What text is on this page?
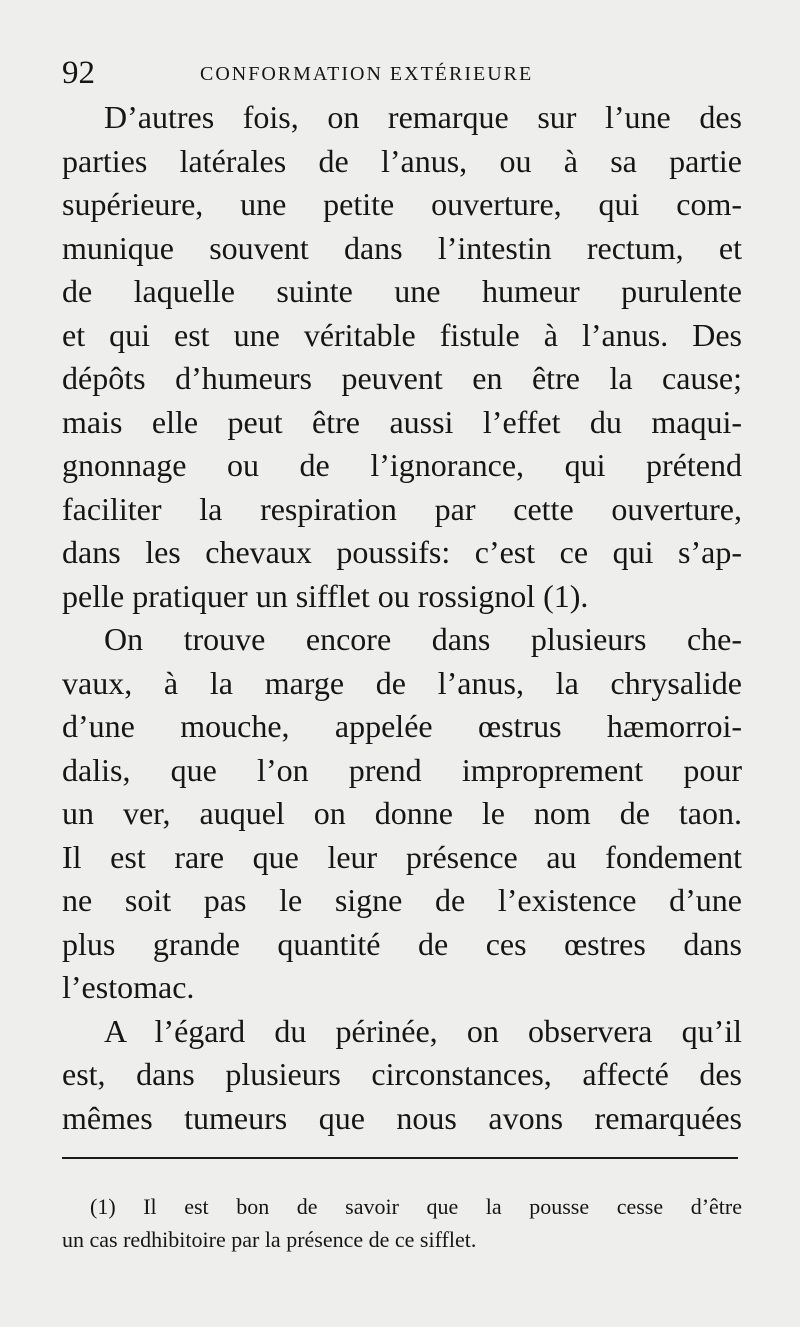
92	CONFORMATION EXTÉRIEURE
D’autres fois, on remarque sur l’une des
parties latérales de l’anus, ou à sa partie
supérieure, une petite ouverture, qui com-
munique souvent dans l’intestin rectum, et
de laquelle suinte une humeur purulente
et qui est une véritable fistule à l’anus. Des
dépôts d’humeurs peuvent en être la cause;
mais elle peut être aussi l’effet du maqui-
gnonnage ou de l’ignorance, qui prétend
faciliter la respiration par cette ouverture,
dans les chevaux poussifs: c’est ce qui s’ap-
pelle pratiquer un sifflet ou rossignol (1).
On trouve encore dans plusieurs che-
vaux, à la marge de l’anus, la chrysalide
d’une mouche, appelée œstrus hæmorroi-
dalis, que l’on prend improprement pour
un ver, auquel on donne le nom de taon.
Il est rare que leur présence au fondement
ne soit pas le signe de l’existence d’une
plus grande quantité de ces œstres dans
l’estomac.
A l’égard du périnée, on observera qu’il
est, dans plusieurs circonstances, affecté des
mêmes tumeurs que nous avons remarquées
(1) Il est bon de savoir que la pousse cesse d’être
un cas redhibitoire par la présence de ce sifflet.
